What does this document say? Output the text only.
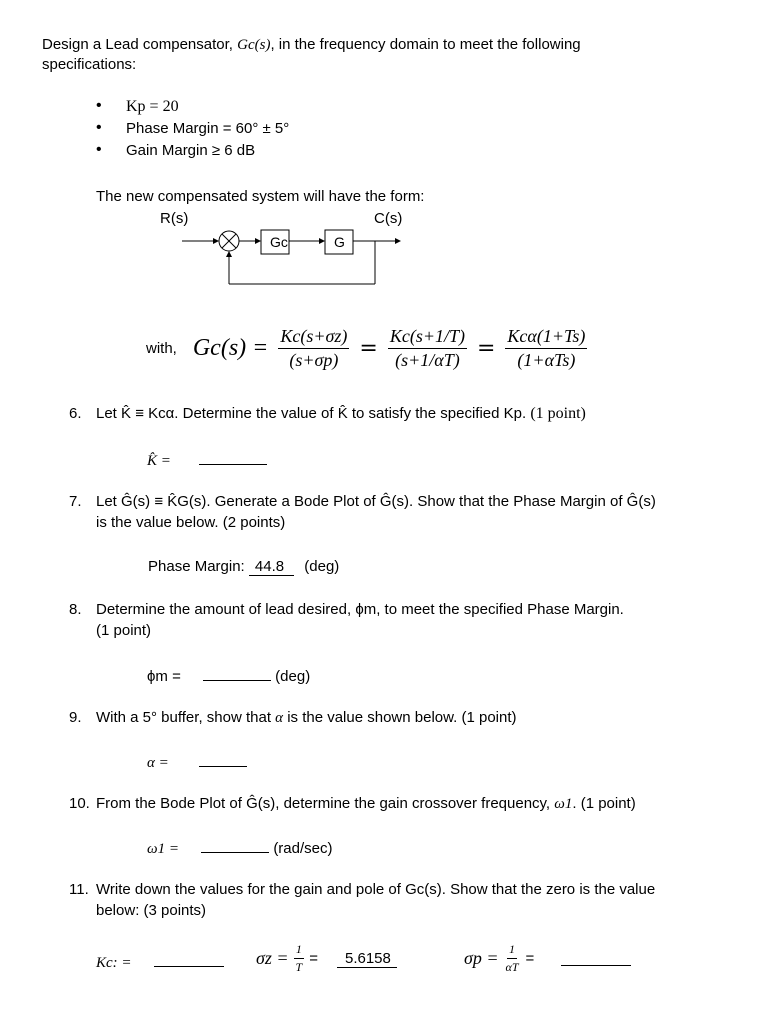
Design a Lead compensator, Gc(s), in the frequency domain to meet the following
specifications:
• Kp = 20
• Phase Margin = 60° ± 5°
• Gain Margin ≥ 6 dB
The new compensated system will have the form:
R(s)	C(s)
Gc	G
with, $Gc(s) = \frac{Kc(s+\sigma z)}{(s+\sigma p)} = \frac{Kc(s+1/T)}{(s+1/\alpha T)} = \frac{\text{Kcα(1+Ts)}}{\text{(1+αTs)}}$
6. Let K̂ ≡ Kcα. Determine the value of K̂ to satisfy the specified Kp. (1 point)
K̂ =
7. Let Ĝ(s) ≡ K̂G(s). Generate a Bode Plot of Ĝ(s). Show that the Phase Margin of Ĝ(s)
is the value below. (2 points)
Phase Margin: 44.8 (deg)
8. Determine the amount of lead desired, ϕm, to meet the specified Phase Margin.
(1 point)
ϕm =	(deg)
9. With a 5° buffer, show that α is the value shown below. (1 point)
α =
10. From the Bode Plot of Ĝ(s), determine the gain crossover frequency, ω1. (1 point)
ω1 =	(rad/sec)
11. Write down the values for the gain and pole of Gc(s). Show that the zero is the value
below: (3 points)
Kc: =	$\sigma z = \frac{1}{T}$ =	5.6158	$\sigma p = \frac{1}{\alpha T}$ =
